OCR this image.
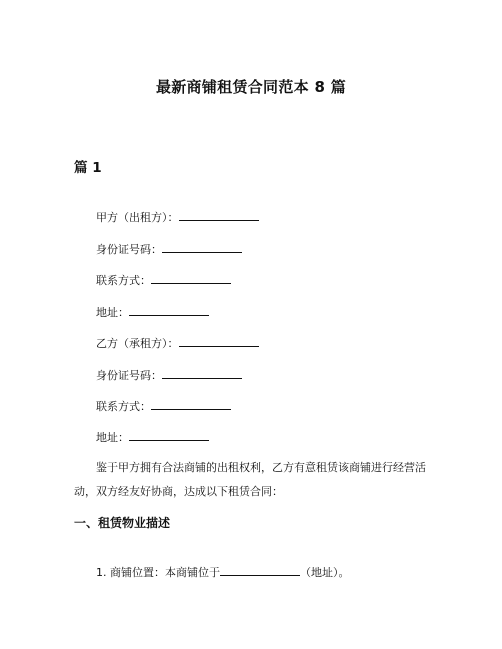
最新商铺租赁合同范本 8 篇
篇 1
甲方（出租方）：
身份证号码：
联系方式：
地址：
乙方（承租方）：
身份证号码：
联系方式：
地址：
鉴于甲方拥有合法商铺的出租权利，乙方有意租赁该商铺进行经营活动，双方经友好协商，达成以下租赁合同：
一、租赁物业描述
1. 商铺位置：本商铺位于	（地址）。
